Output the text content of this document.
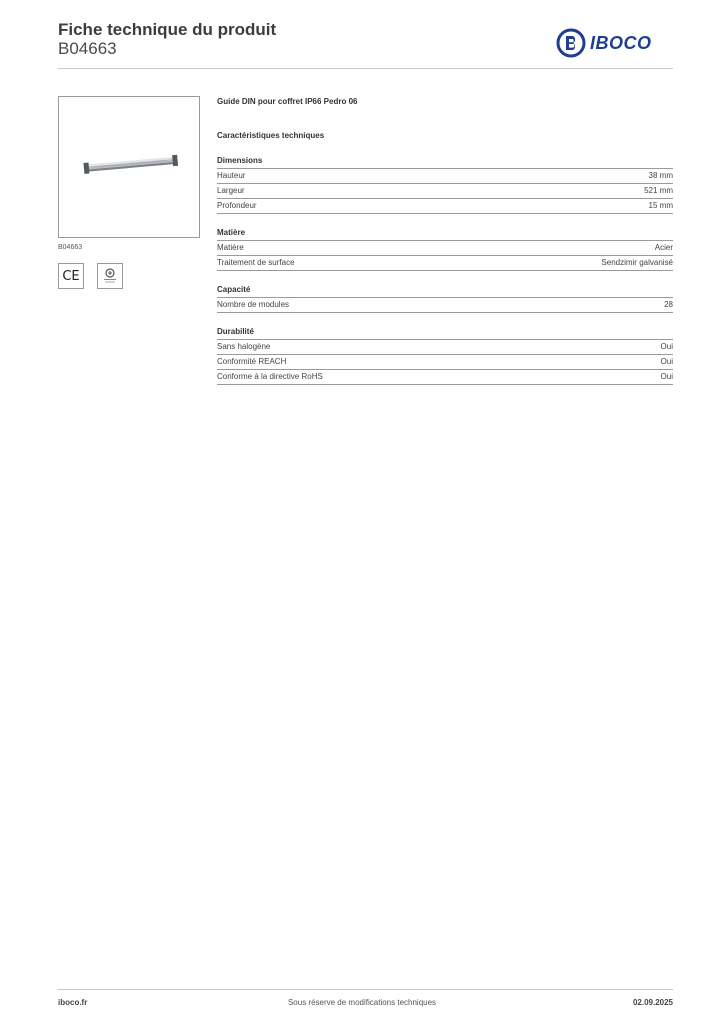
Fiche technique du produit
B04663	IBOCO
B04663
CE
Guide DIN pour coffret IP66 Pedro 06
Caractéristiques techniques
Dimensions
Hauteur	38 mm
Largeur	521 mm
Profondeur	15 mm
Matière
Matière	Acier
Traitement de surface	Sendzimir galvanisé
Capacité
Nombre de modules	28
Durabilité
Sans halogène	Oui
Conformité REACH	Oui
Conforme à la directive RoHS	Oui
iboco.fr	Sous réserve de modifications techniques	02.09.2025
